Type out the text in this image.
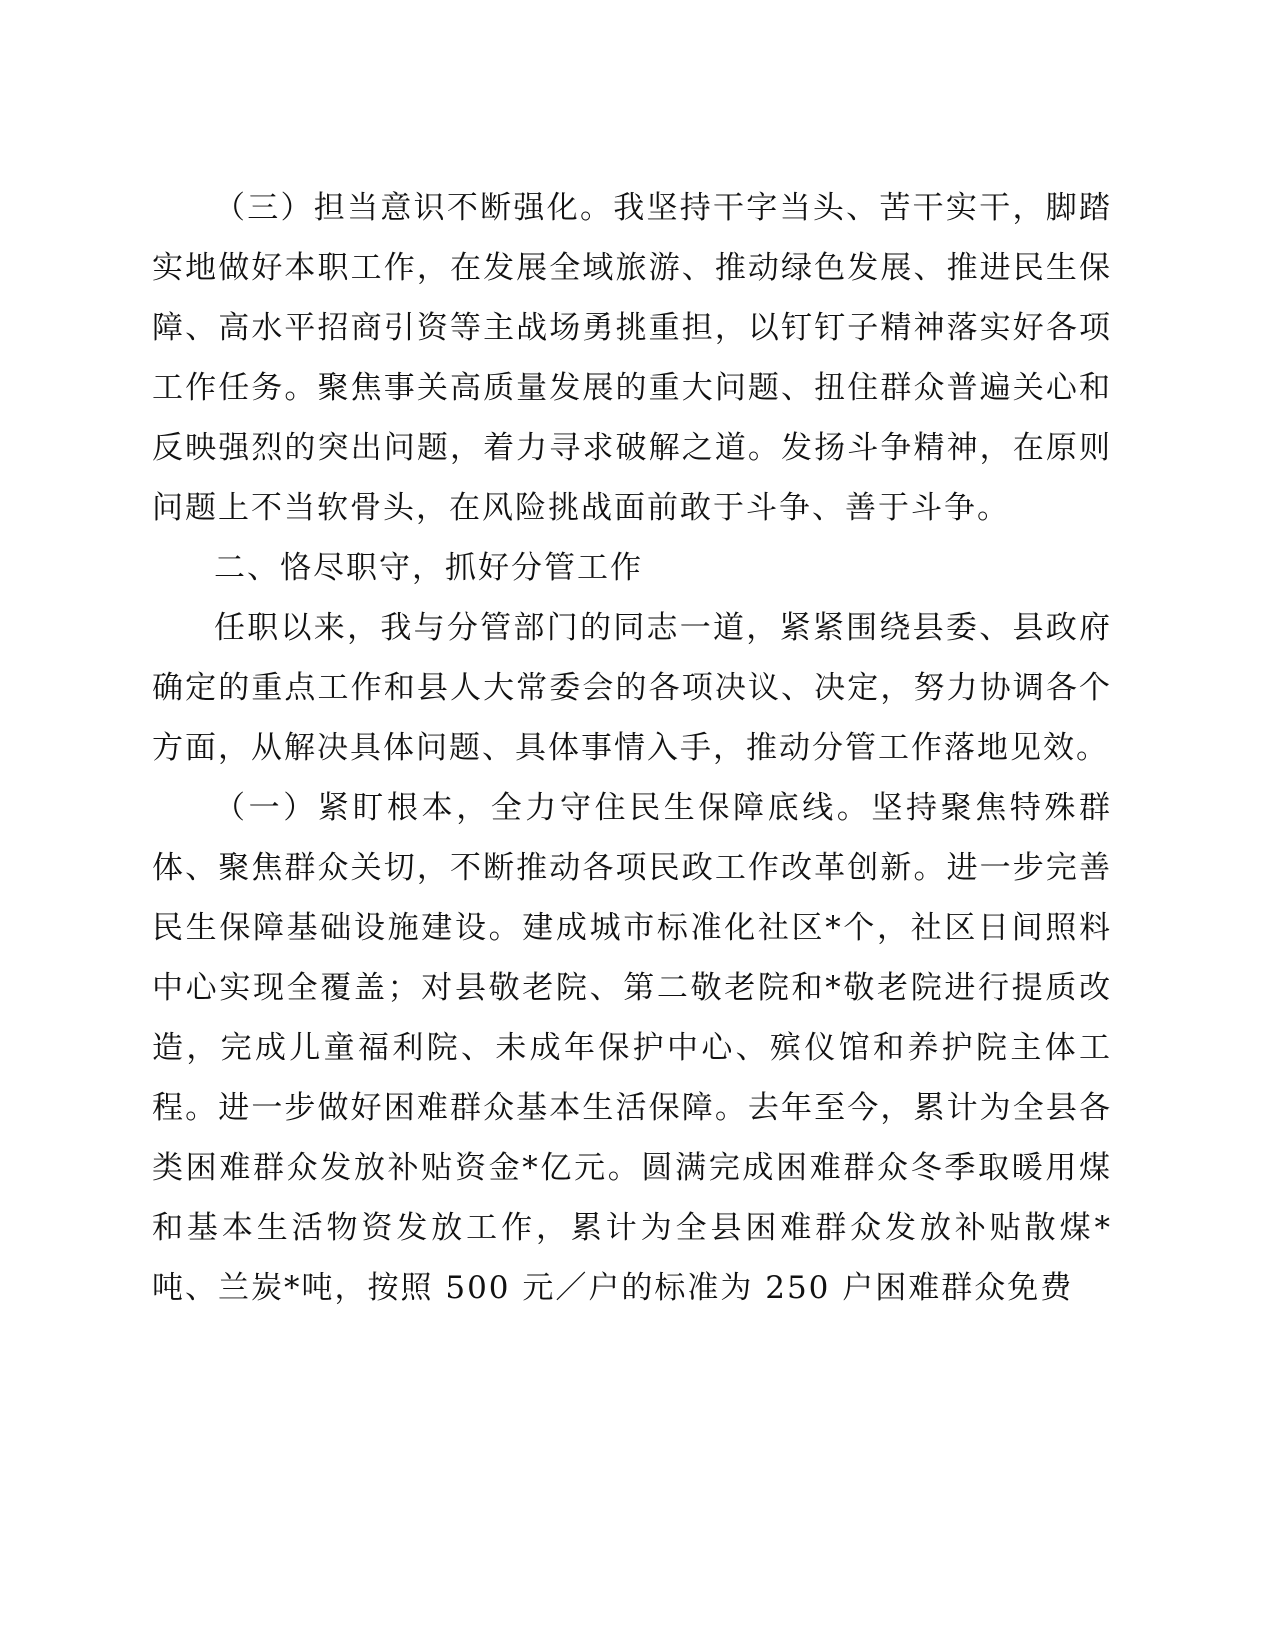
（三）担当意识不断强化。我坚持干字当头、苦干实干，脚踏实地做好本职工作，在发展全域旅游、推动绿色发展、推进民生保障、高水平招商引资等主战场勇挑重担，以钉钉子精神落实好各项工作任务。聚焦事关高质量发展的重大问题、扭住群众普遍关心和反映强烈的突出问题，着力寻求破解之道。发扬斗争精神，在原则问题上不当软骨头，在风险挑战面前敢于斗争、善于斗争。

二、恪尽职守，抓好分管工作

任职以来，我与分管部门的同志一道，紧紧围绕县委、县政府确定的重点工作和县人大常委会的各项决议、决定，努力协调各个方面，从解决具体问题、具体事情入手，推动分管工作落地见效。

（一）紧盯根本，全力守住民生保障底线。坚持聚焦特殊群体、聚焦群众关切，不断推动各项民政工作改革创新。进一步完善民生保障基础设施建设。建成城市标准化社区*个，社区日间照料中心实现全覆盖；对县敬老院、第二敬老院和*敬老院进行提质改造，完成儿童福利院、未成年保护中心、殡仪馆和养护院主体工程。进一步做好困难群众基本生活保障。去年至今，累计为全县各类困难群众发放补贴资金*亿元。圆满完成困难群众冬季取暖用煤和基本生活物资发放工作，累计为全县困难群众发放补贴散煤*吨、兰炭*吨，按照 500 元／户的标准为 250 户困难群众免费
